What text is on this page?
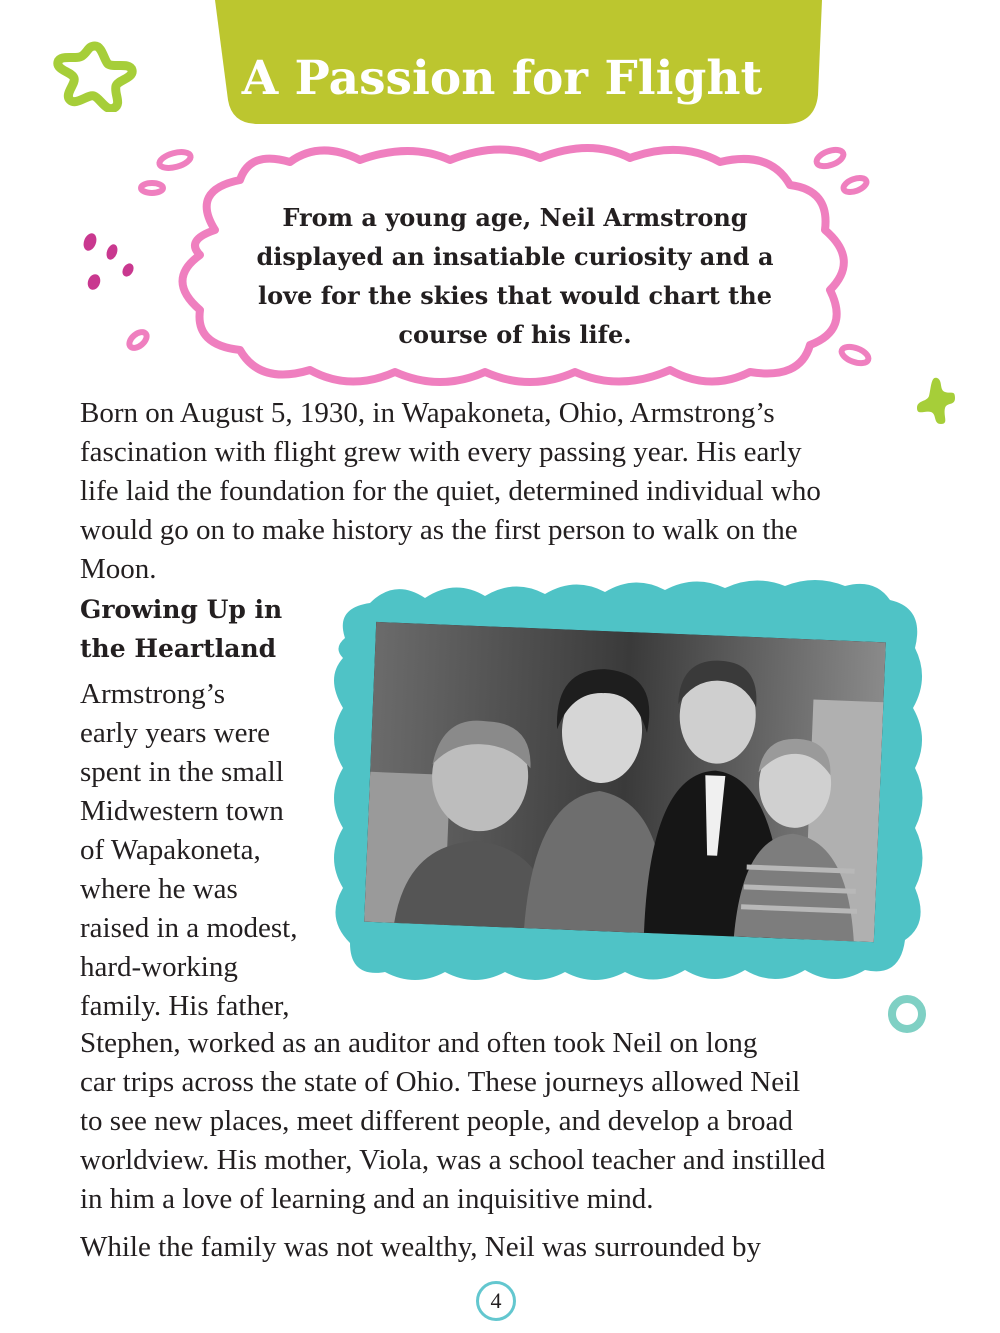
A Passion for Flight
From a young age, Neil Armstrong
displayed an insatiable curiosity and a
love for the skies that would chart the
course of his life.
Born on August 5, 1930, in Wapakoneta, Ohio, Armstrong’s
fascination with flight grew with every passing year. His early
life laid the foundation for the quiet, determined individual who
would go on to make history as the first person to walk on the
Moon.
Growing Up in
the Heartland
Armstrong’s
early years were
spent in the small
Midwestern town
of Wapakoneta,
where he was
raised in a modest,
hard-working
family. His father,
Stephen, worked as an auditor and often took Neil on long
car trips across the state of Ohio. These journeys allowed Neil
to see new places, meet different people, and develop a broad
worldview. His mother, Viola, was a school teacher and instilled
in him a love of learning and an inquisitive mind.
While the family was not wealthy, Neil was surrounded by
4
